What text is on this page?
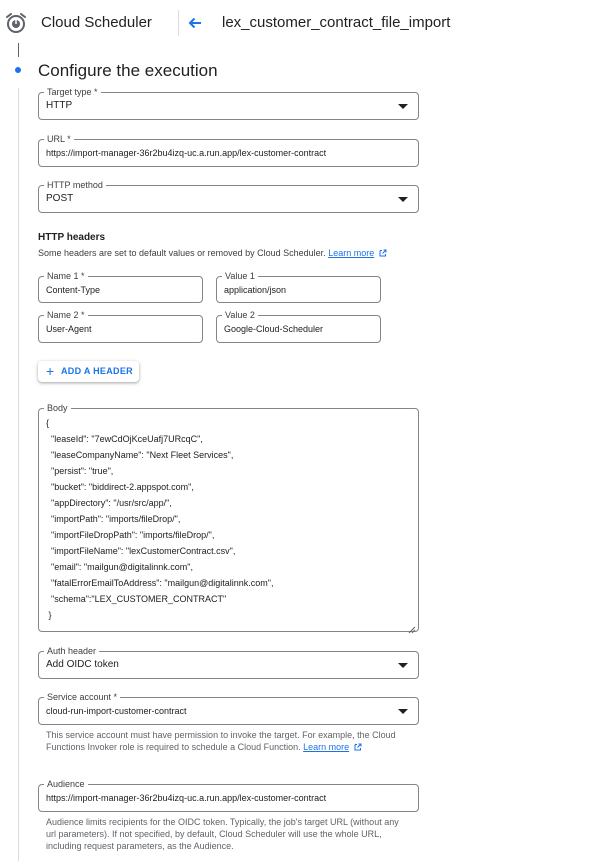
Cloud Scheduler	lex_customer_contract_file_import
Configure the execution
Target type *
HTTP
URL *
https://import-manager-36r2bu4izq-uc.a.run.app/lex-customer-contract
HTTP method
POST
HTTP headers
Some headers are set to default values or removed by Cloud Scheduler. Learn more
Name 1 *
Content-Type
Value 1
application/json
Name 2 *
User-Agent
Value 2
Google-Cloud-Scheduler
+ ADD A HEADER
Body
{
"leaseId": "7ewCdOjKceUafj7URcqC",
"leaseCompanyName": "Next Fleet Services",
"persist": "true",
"bucket": "biddirect-2.appspot.com",
"appDirectory": "/usr/src/app/",
"importPath": "imports/fileDrop/",
"importFileDropPath": "imports/fileDrop/",
"importFileName": "lexCustomerContract.csv",
"email": "mailgun@digitalinnk.com",
"fatalErrorEmailToAddress": "mailgun@digitalinnk.com",
"schema":"LEX_CUSTOMER_CONTRACT"
}
Auth header
Add OIDC token
Service account *
cloud-run-import-customer-contract
This service account must have permission to invoke the target. For example, the Cloud Functions Invoker role is required to schedule a Cloud Function. Learn more
Audience
https://import-manager-36r2bu4izq-uc.a.run.app/lex-customer-contract
Audience limits recipients for the OIDC token. Typically, the job's target URL (without any url parameters). If not specified, by default, Cloud Scheduler will use the whole URL, including request parameters, as the Audience.
